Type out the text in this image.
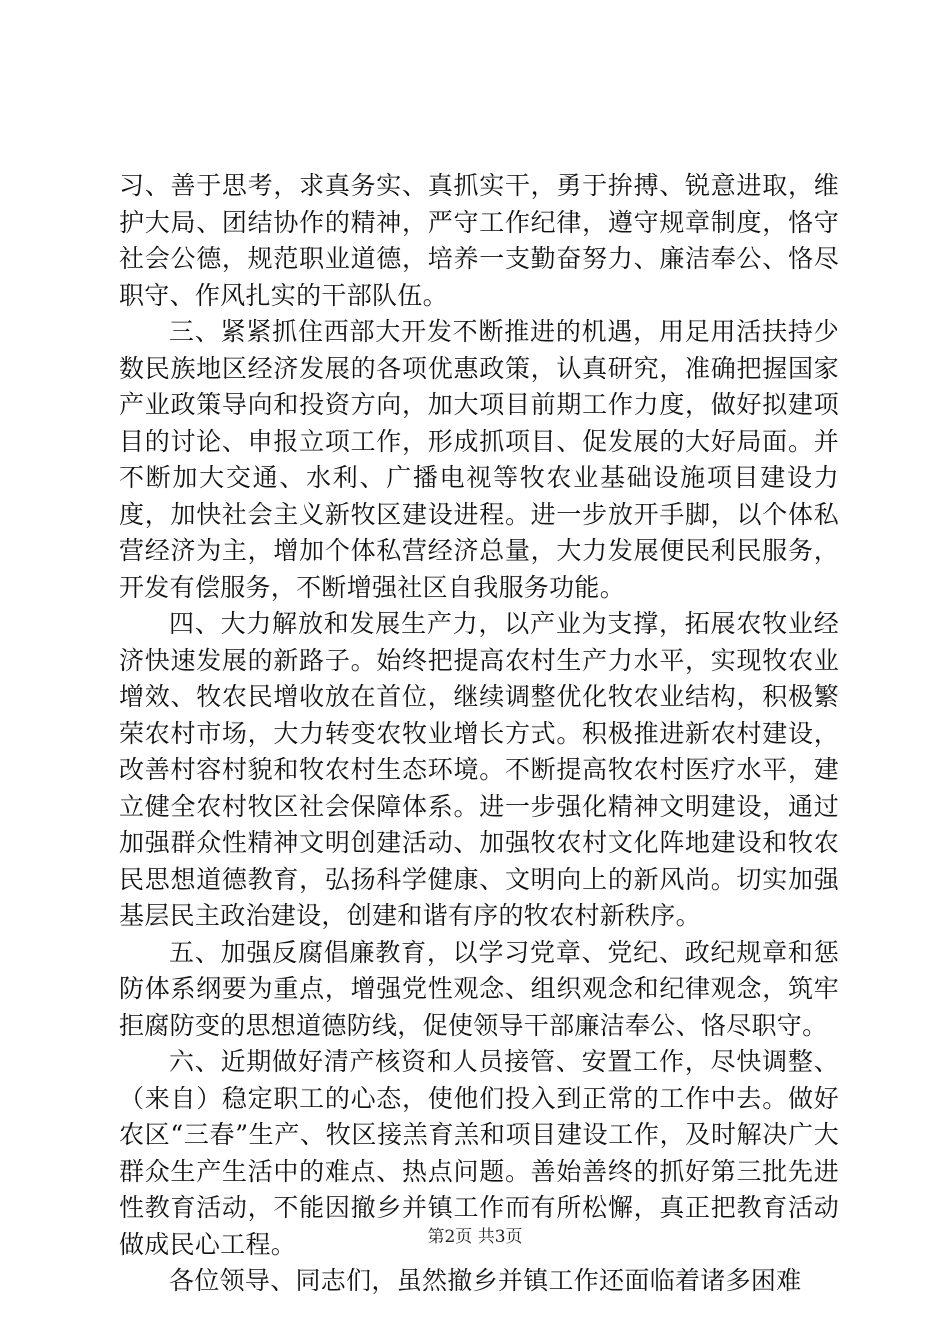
习、善于思考，求真务实、真抓实干，勇于拚搏、锐意进取，维护大局、团结协作的精神，严守工作纪律，遵守规章制度，恪守社会公德，规范职业道德，培养一支勤奋努力、廉洁奉公、恪尽职守、作风扎实的干部队伍。

三、紧紧抓住西部大开发不断推进的机遇，用足用活扶持少数民族地区经济发展的各项优惠政策，认真研究，准确把握国家产业政策导向和投资方向，加大项目前期工作力度，做好拟建项目的讨论、申报立项工作，形成抓项目、促发展的大好局面。并不断加大交通、水利、广播电视等牧农业基础设施项目建设力度，加快社会主义新牧区建设进程。进一步放开手脚，以个体私营经济为主，增加个体私营经济总量，大力发展便民利民服务，开发有偿服务，不断增强社区自我服务功能。

四、大力解放和发展生产力，以产业为支撑，拓展农牧业经济快速发展的新路子。始终把提高农村生产力水平，实现牧农业增效、牧农民增收放在首位，继续调整优化牧农业结构，积极繁荣农村市场，大力转变农牧业增长方式。积极推进新农村建设，改善村容村貌和牧农村生态环境。不断提高牧农村医疗水平，建立健全农村牧区社会保障体系。进一步强化精神文明建设，通过加强群众性精神文明创建活动、加强牧农村文化阵地建设和牧农民思想道德教育，弘扬科学健康、文明向上的新风尚。切实加强基层民主政治建设，创建和谐有序的牧农村新秩序。

五、加强反腐倡廉教育，以学习党章、党纪、政纪规章和惩防体系纲要为重点，增强党性观念、组织观念和纪律观念，筑牢拒腐防变的思想道德防线，促使领导干部廉洁奉公、恪尽职守。

六、近期做好清产核资和人员接管、安置工作，尽快调整、（来自）稳定职工的心态，使他们投入到正常的工作中去。做好农区“三春”生产、牧区接羔育羔和项目建设工作，及时解决广大群众生产生活中的难点、热点问题。善始善终的抓好第三批先进性教育活动，不能因撤乡并镇工作而有所松懈，真正把教育活动做成民心工程。

各位领导、同志们，虽然撤乡并镇工作还面临着诸多困难

第2页 共3页
